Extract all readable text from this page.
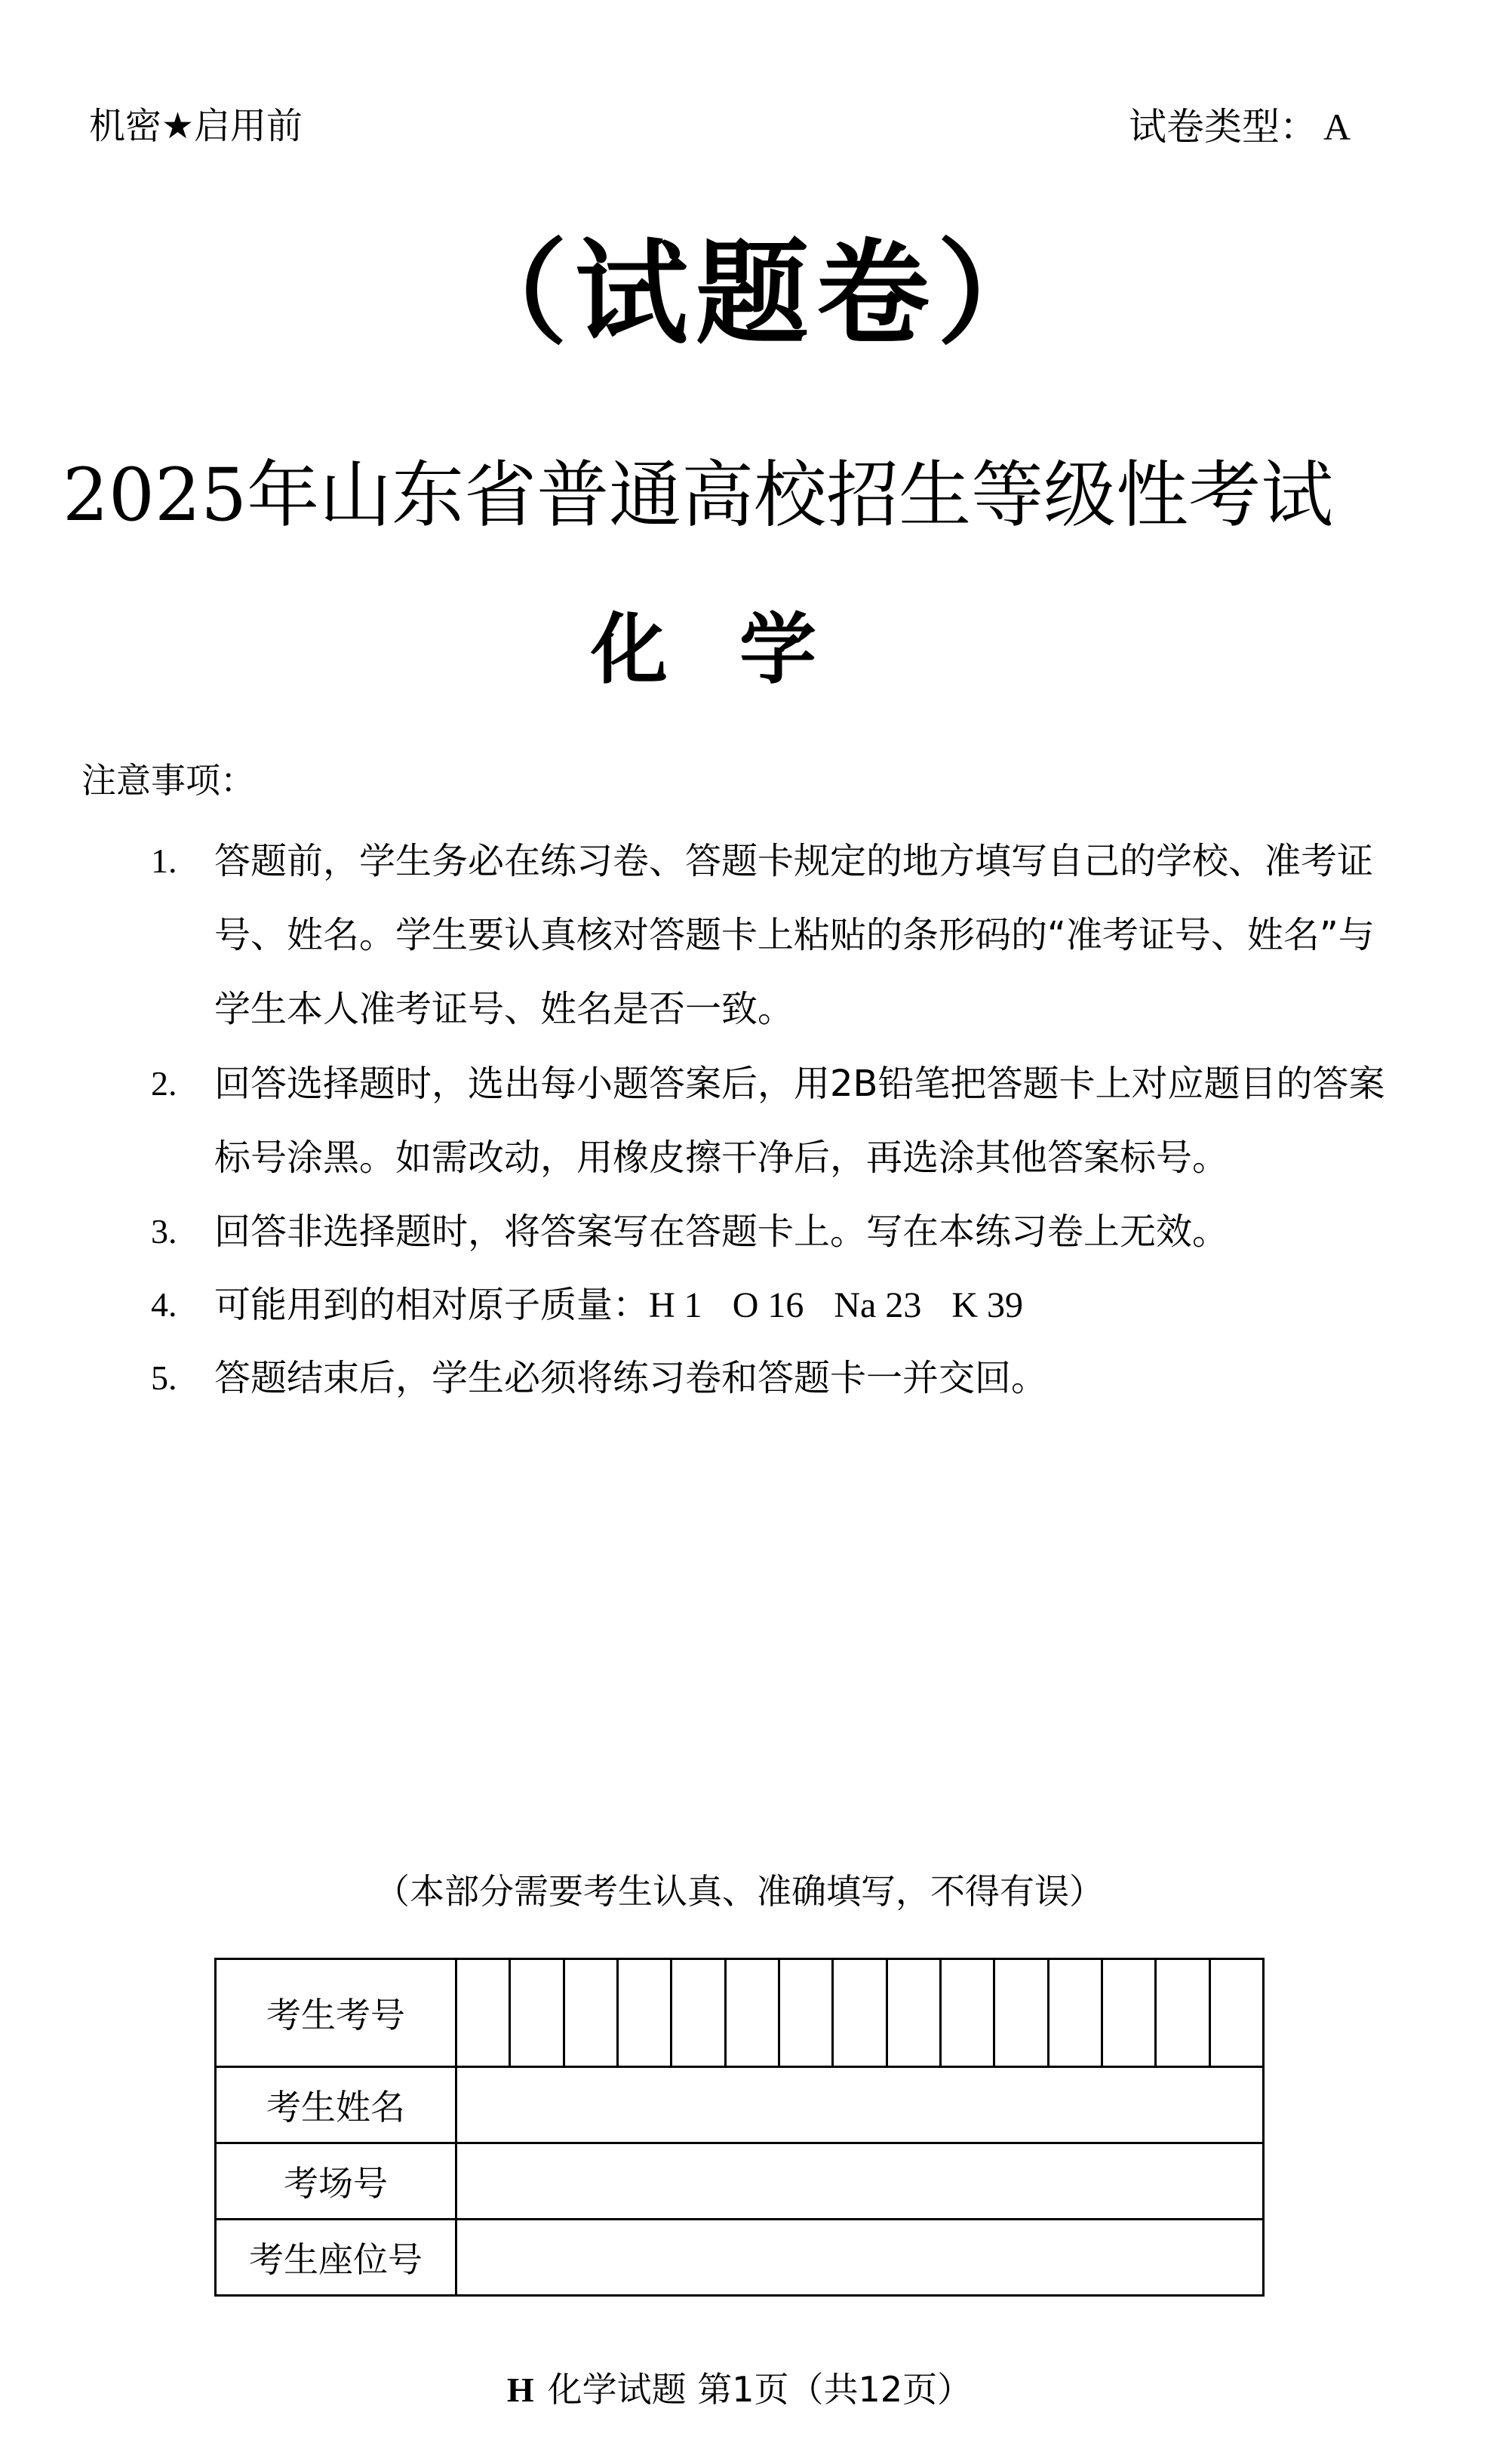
机密★启用前	试卷类型： A
（试题卷）
2025年山东省普通高校招生等级性考试
化学
注意事项：
1. 答题前，学生务必在练习卷、答题卡规定的地方填写自己的学校、准考证号、姓名。学生要认真核对答题卡上粘贴的条形码的“准考证号、姓名”与学生本人准考证号、姓名是否一致。
2. 回答选择题时，选出每小题答案后，用2B铅笔把答题卡上对应题目的答案标号涂黑。如需改动，用橡皮擦干净后，再选涂其他答案标号。
3. 回答非选择题时，将答案写在答题卡上。写在本练习卷上无效。
4. 可能用到的相对原子质量：H 1 O 16 Na 23 K 39
5. 答题结束后，学生必须将练习卷和答题卡一并交回。
（本部分需要考生认真、准确填写，不得有误）
考生考号	

考生姓名	
考场号	
考生座位号	
H 化学试题 第1页（共12页）
